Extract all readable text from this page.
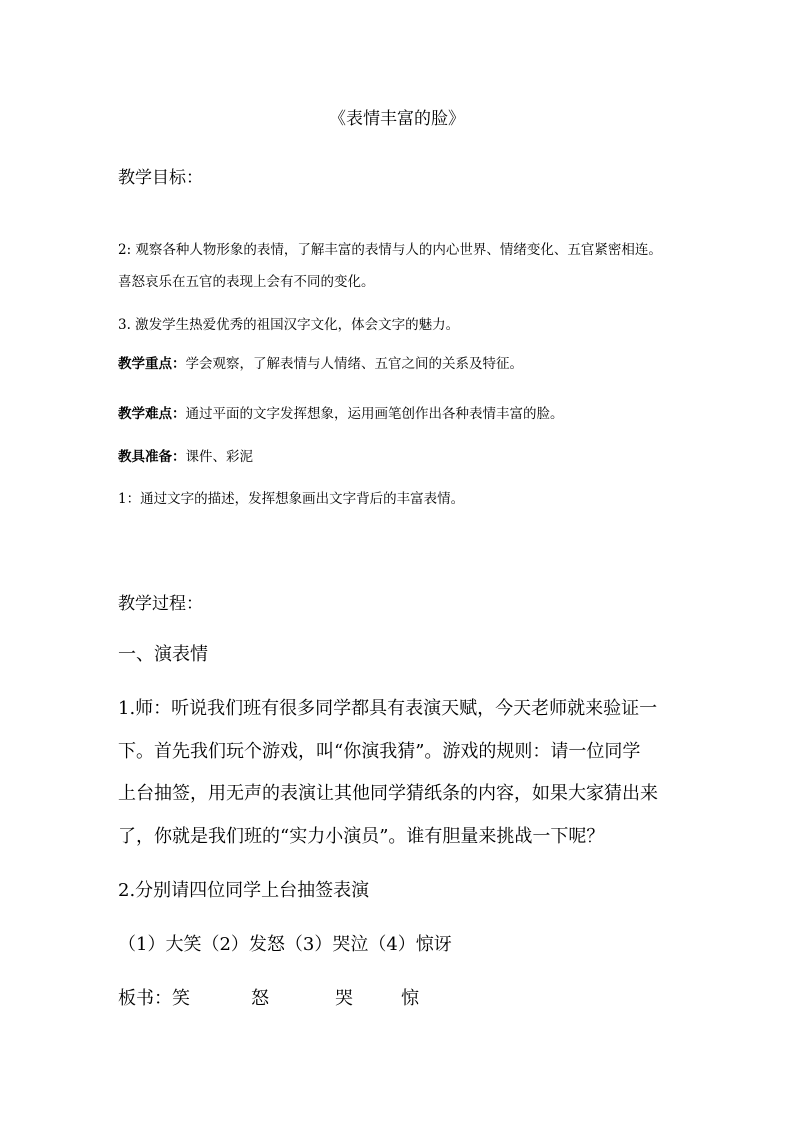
《表情丰富的脸》
教学目标：
2: 观察各种人物形象的表情，了解丰富的表情与人的内心世界、情绪变化、五官紧密相连。
喜怒哀乐在五官的表现上会有不同的变化。
3. 激发学生热爱优秀的祖国汉字文化，体会文字的魅力。
教学重点：学会观察，了解表情与人情绪、五官之间的关系及特征。
教学难点：通过平面的文字发挥想象，运用画笔创作出各种表情丰富的脸。
教具准备：课件、彩泥
1：通过文字的描述，发挥想象画出文字背后的丰富表情。
教学过程：
一、演表情
1.师：听说我们班有很多同学都具有表演天赋，今天老师就来验证一
下。首先我们玩个游戏，叫“你演我猜”。游戏的规则：请一位同学
上台抽签，用无声的表演让其他同学猜纸条的内容，如果大家猜出来
了，你就是我们班的“实力小演员”。谁有胆量来挑战一下呢？
2.分别请四位同学上台抽签表演
（1）大笑（2）发怒（3）哭泣（4）惊讶
板书：笑	怒	哭	惊
